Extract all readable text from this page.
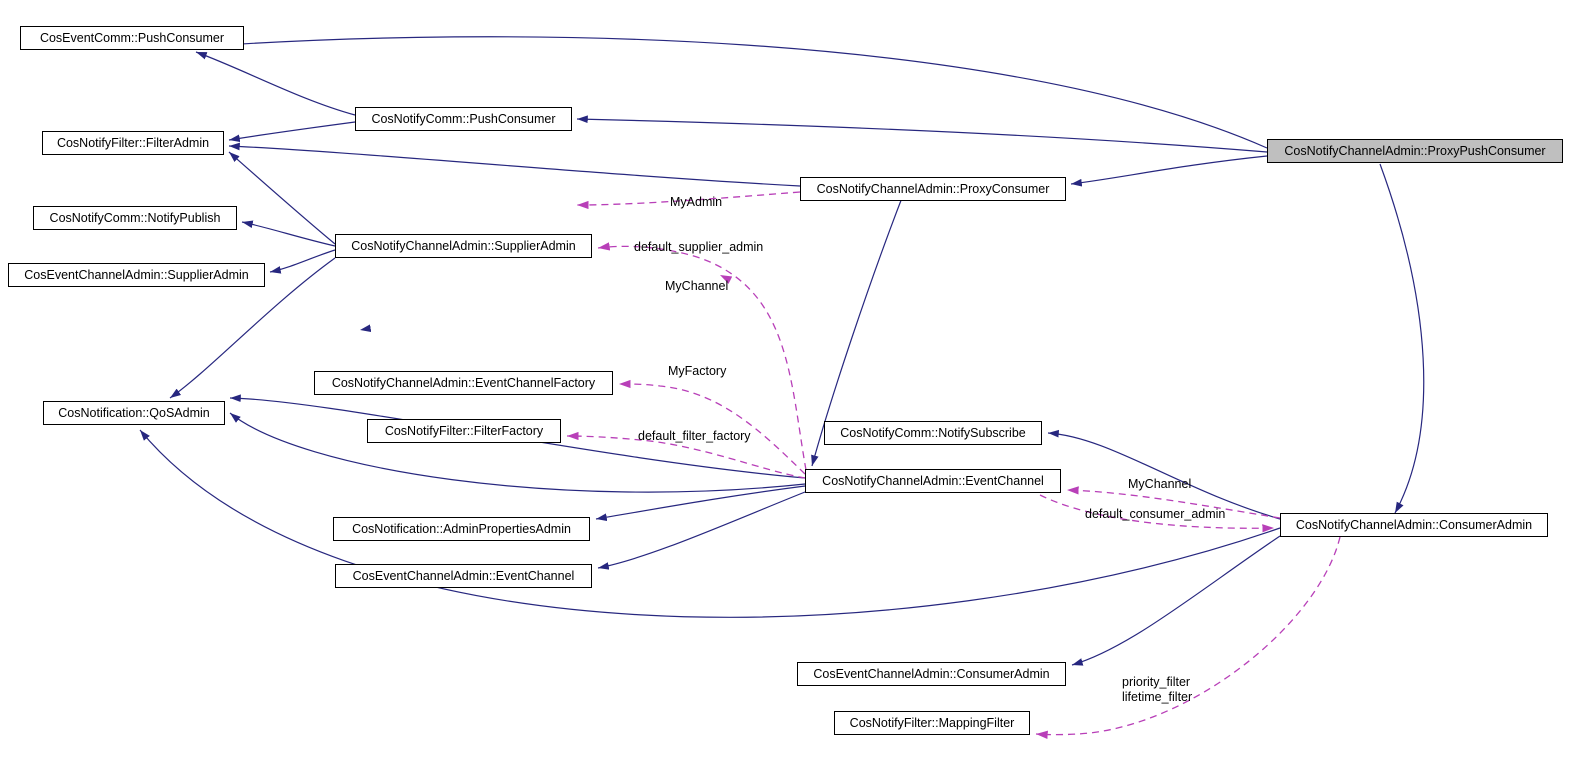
CosEventComm::PushConsumer
CosNotifyFilter::FilterAdmin
CosNotifyComm::NotifyPublish
CosEventChannelAdmin::SupplierAdmin
CosNotification::QoSAdmin
CosNotifyComm::PushConsumer
CosNotifyChannelAdmin::SupplierAdmin
CosNotifyChannelAdmin::EventChannelFactory
CosNotifyFilter::FilterFactory
CosNotification::AdminPropertiesAdmin
CosEventChannelAdmin::EventChannel
CosNotifyChannelAdmin::ProxyConsumer
CosNotifyComm::NotifySubscribe
CosNotifyChannelAdmin::EventChannel
CosEventChannelAdmin::ConsumerAdmin
CosNotifyFilter::MappingFilter
CosNotifyChannelAdmin::ProxyPushConsumer
CosNotifyChannelAdmin::ConsumerAdmin
MyAdmin
default_supplier_admin
MyChannel
MyFactory
default_filter_factory
MyChannel
default_consumer_admin
priority_filter
lifetime_filter
